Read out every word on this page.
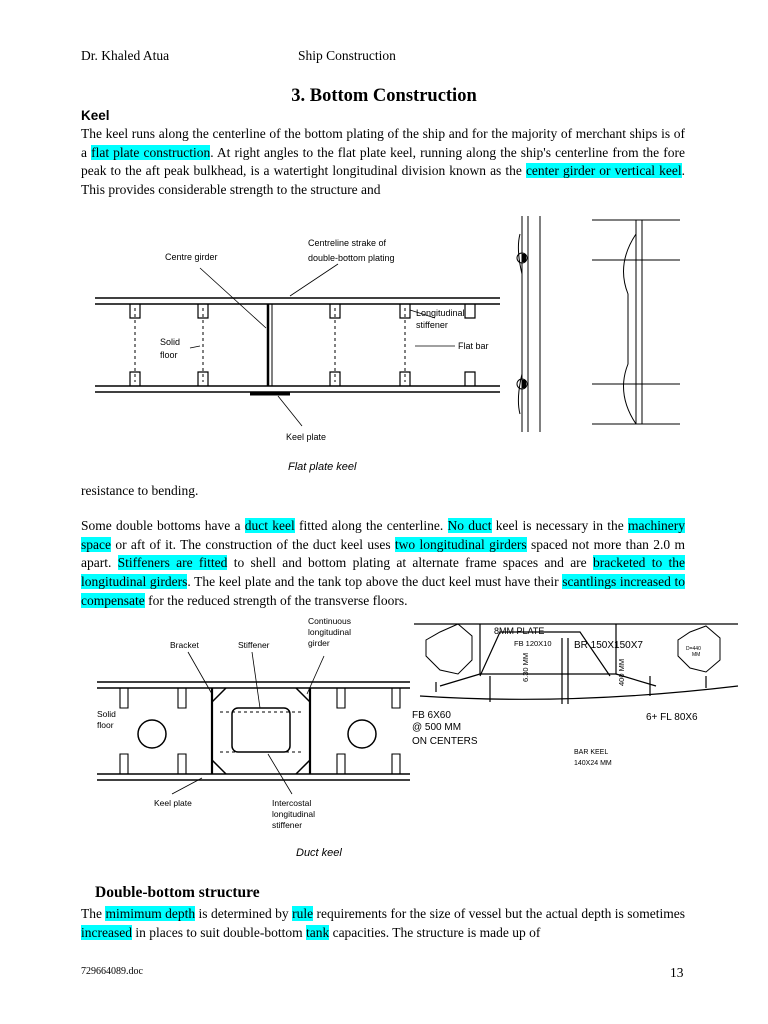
Dr. Khaled Atua	Ship Construction
3. Bottom Construction
Keel
The keel runs along the centerline of the bottom plating of the ship and for the majority of merchant ships is of a flat plate construction. At right angles to the flat plate keel, running along the ship's centerline from the fore peak to the aft peak bulkhead, is a watertight longitudinal division known as the center girder or vertical keel. This provides considerable strength to the structure and
Centre girder
Centreline strake of
double-bottom plating
Longitudinal
stiffener
Solid
floor
Flat bar
Keel plate
Flat plate keel
resistance to bending.
Some double bottoms have a duct keel fitted along the centerline. No duct keel is necessary in the machinery space or aft of it. The construction of the duct keel uses two longitudinal girders spaced not more than 2.0 m apart. Stiffeners are fitted to shell and bottom plating at alternate frame spaces and are bracketed to the longitudinal girders. The keel plate and the tank top above the duct keel must have their scantlings increased to compensate for the reduced strength of the transverse floors.
Bracket	Stiffener
Continuous
longitudinal
girder
Solid
floor
Keel plate	Intercostal
longitudinal
stiffener
Duct keel
8MM PLATE
FB 120X10 BR 150X150X7
6.30 MM	400 MM
FB 6X60
@ 500 MM
ON CENTERS
6+ FL 80X6
BAR KEEL
140X24 MM
D=440
MM
Double-bottom structure
The mimimum depth is determined by rule requirements for the size of vessel but the actual depth is sometimes increased in places to suit double-bottom tank capacities. The structure is made up of
729664089.doc	13
